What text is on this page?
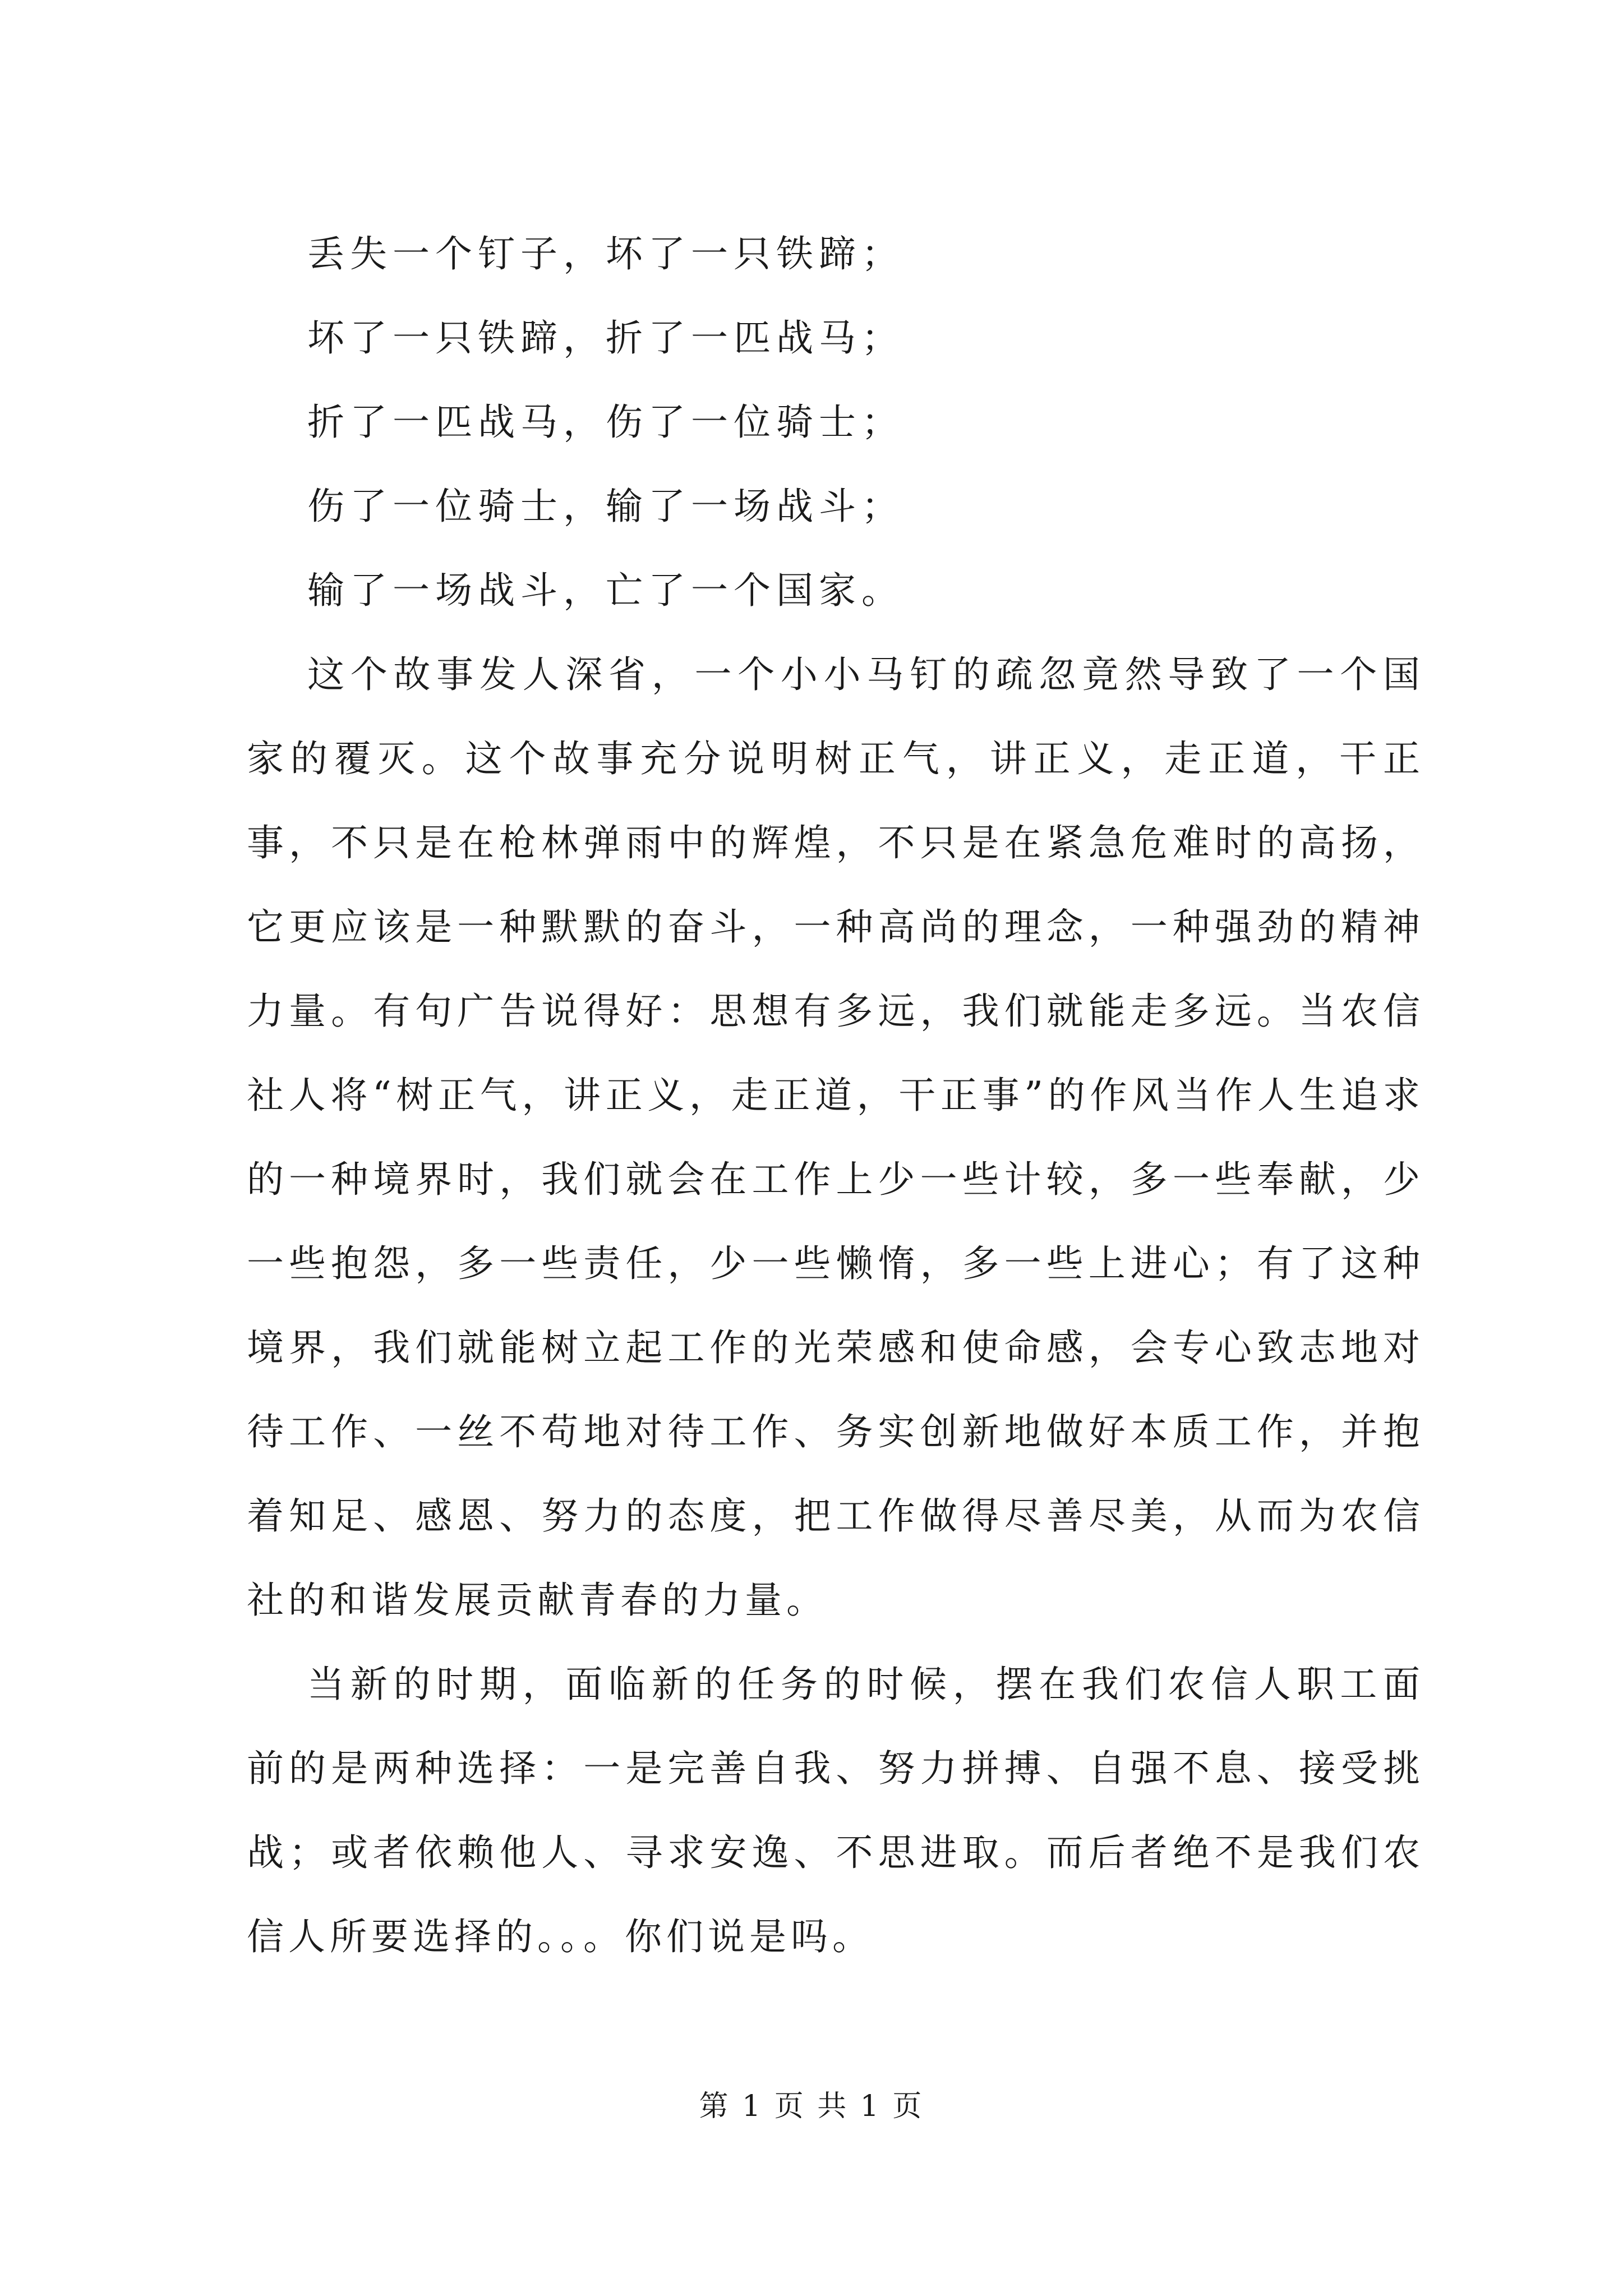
丢失一个钉子，坏了一只铁蹄；
坏了一只铁蹄，折了一匹战马；
折了一匹战马，伤了一位骑士；
伤了一位骑士，输了一场战斗；
输了一场战斗，亡了一个国家。

这个故事发人深省，一个小小马钉的疏忽竟然导致了一个国家的覆灭。这个故事充分说明树正气，讲正义，走正道，干正事，不只是在枪林弹雨中的辉煌，不只是在紧急危难时的高扬，它更应该是一种默默的奋斗，一种高尚的理念，一种强劲的精神力量。有句广告说得好：思想有多远，我们就能走多远。当农信社人将“树正气，讲正义，走正道，干正事”的作风当作人生追求的一种境界时，我们就会在工作上少一些计较，多一些奉献，少一些抱怨，多一些责任，少一些懒惰，多一些上进心；有了这种境界，我们就能树立起工作的光荣感和使命感，会专心致志地对待工作、一丝不苟地对待工作、务实创新地做好本质工作，并抱着知足、感恩、努力的态度，把工作做得尽善尽美，从而为农信社的和谐发展贡献青春的力量。

当新的时期，面临新的任务的时候，摆在我们农信人职工面前的是两种选择：一是完善自我、努力拼搏、自强不息、接受挑战；或者依赖他人、寻求安逸、不思进取。而后者绝不是我们农信人所要选择的。。。你们说是吗。

第 1 页 共 1 页
